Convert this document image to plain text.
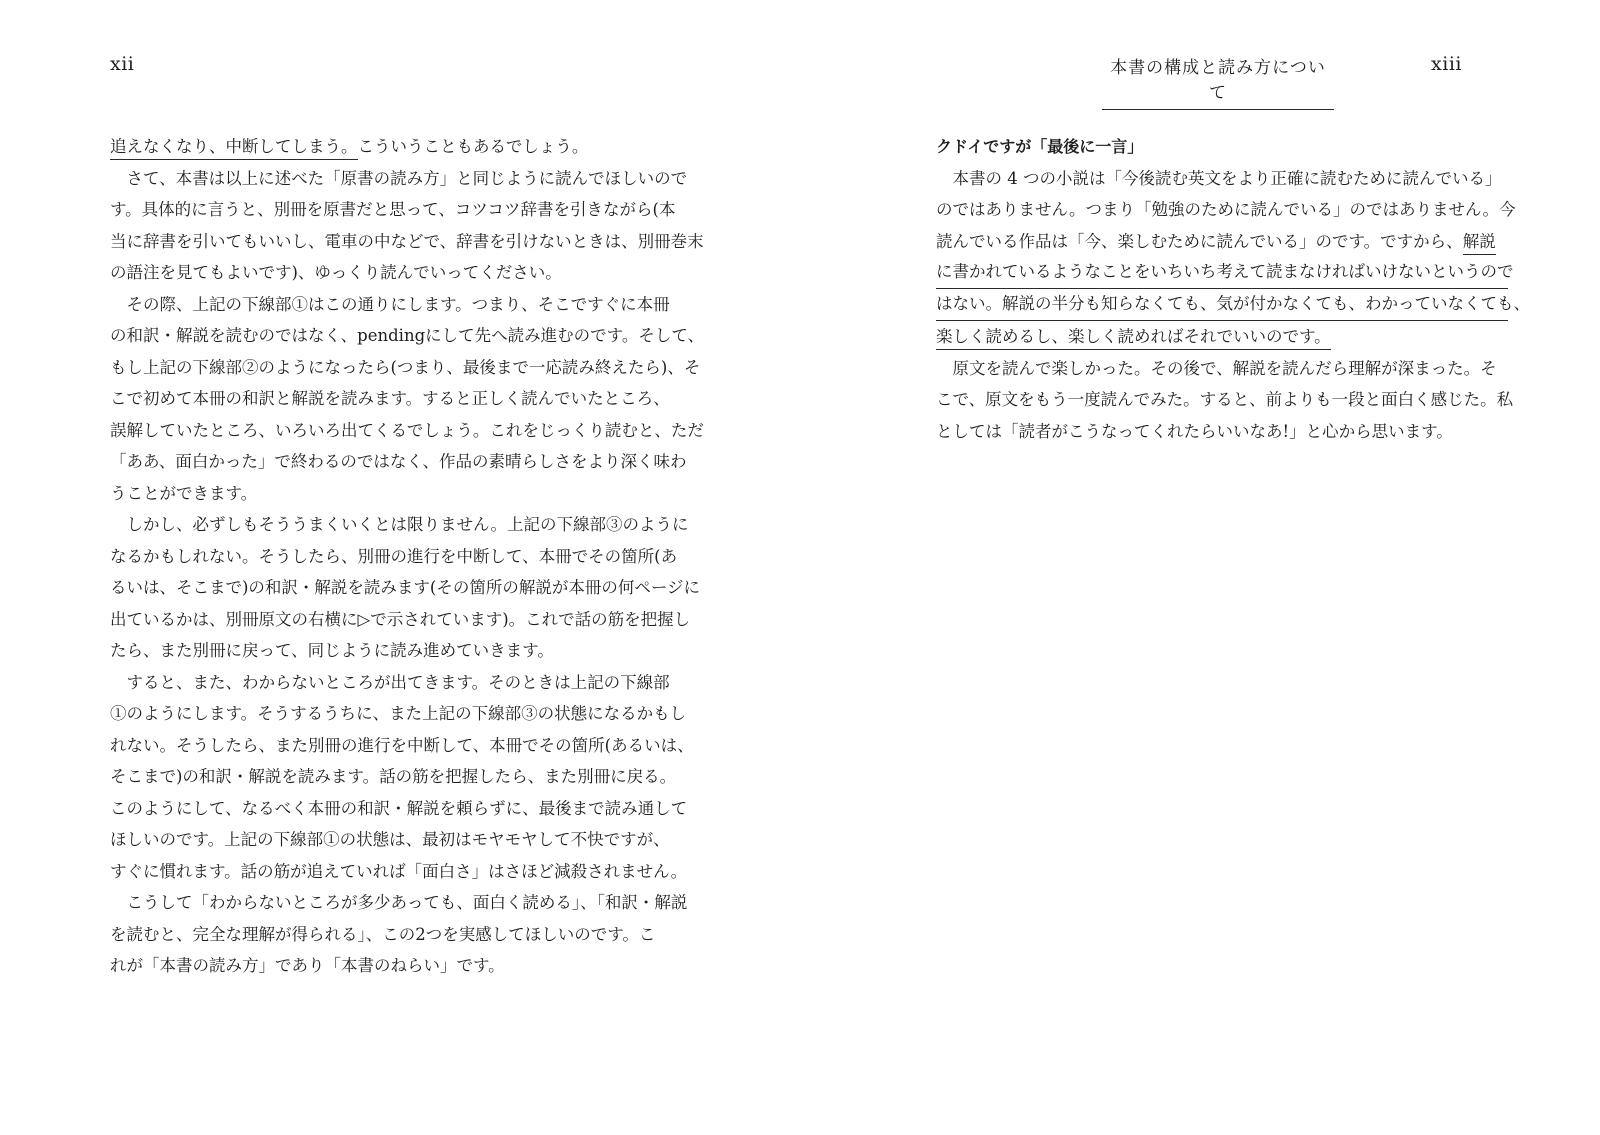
xii	本書の構成と読み方について
xiii

追えなくなり、中断してしまう。こういうこともあるでしょう。

さて、本書は以上に述べた「原書の読み方」と同じように読んでほしいので

す。具体的に言うと、別冊を原書だと思って、コツコツ辞書を引きながら(本

当に辞書を引いてもいいし、電車の中などで、辞書を引けないときは、別冊巻末

の語注を見てもよいです)、ゆっくり読んでいってください。

その際、上記の下線部①はこの通りにします。つまり、そこですぐに本冊

の和訳・解説を読むのではなく、pendingにして先へ読み進むのです。そして、

もし上記の下線部②のようになったら(つまり、最後まで一応読み終えたら)、そ

こで初めて本冊の和訳と解説を読みます。すると正しく読んでいたところ、

誤解していたところ、いろいろ出てくるでしょう。これをじっくり読むと、ただ

「ああ、面白かった」で終わるのではなく、作品の素晴らしさをより深く味わ

うことができます。

しかし、必ずしもそううまくいくとは限りません。上記の下線部③のように

なるかもしれない。そうしたら、別冊の進行を中断して、本冊でその箇所(あ

るいは、そこまで)の和訳・解説を読みます(その箇所の解説が本冊の何ページに

出ているかは、別冊原文の右横に▷で示されています)。これで話の筋を把握し

たら、また別冊に戻って、同じように読み進めていきます。

すると、また、わからないところが出てきます。そのときは上記の下線部

①のようにします。そうするうちに、また上記の下線部③の状態になるかもし

れない。そうしたら、また別冊の進行を中断して、本冊でその箇所(あるいは、

そこまで)の和訳・解説を読みます。話の筋を把握したら、また別冊に戻る。

このようにして、なるべく本冊の和訳・解説を頼らずに、最後まで読み通して

ほしいのです。上記の下線部①の状態は、最初はモヤモヤして不快ですが、

すぐに慣れます。話の筋が追えていれば「面白さ」はさほど減殺されません。

こうして「わからないところが多少あっても、面白く読める」、「和訳・解説

を読むと、完全な理解が得られる」、この2つを実感してほしいのです。こ

れが「本書の読み方」であり「本書のねらい」です。

クドイですが「最後に一言」

本書の 4 つの小説は「今後読む英文をより正確に読むために読んでいる」

のではありません。つまり「勉強のために読んでいる」のではありません。今

読んでいる作品は「今、楽しむために読んでいる」のです。ですから、解説

に書かれているようなことをいちいち考えて読まなければいけないというので

はない。解説の半分も知らなくても、気が付かなくても、わかっていなくても、

楽しく読めるし、楽しく読めればそれでいいのです。

原文を読んで楽しかった。その後で、解説を読んだら理解が深まった。そ

こで、原文をもう一度読んでみた。すると、前よりも一段と面白く感じた。私

としては「読者がこうなってくれたらいいなあ!」と心から思います。
